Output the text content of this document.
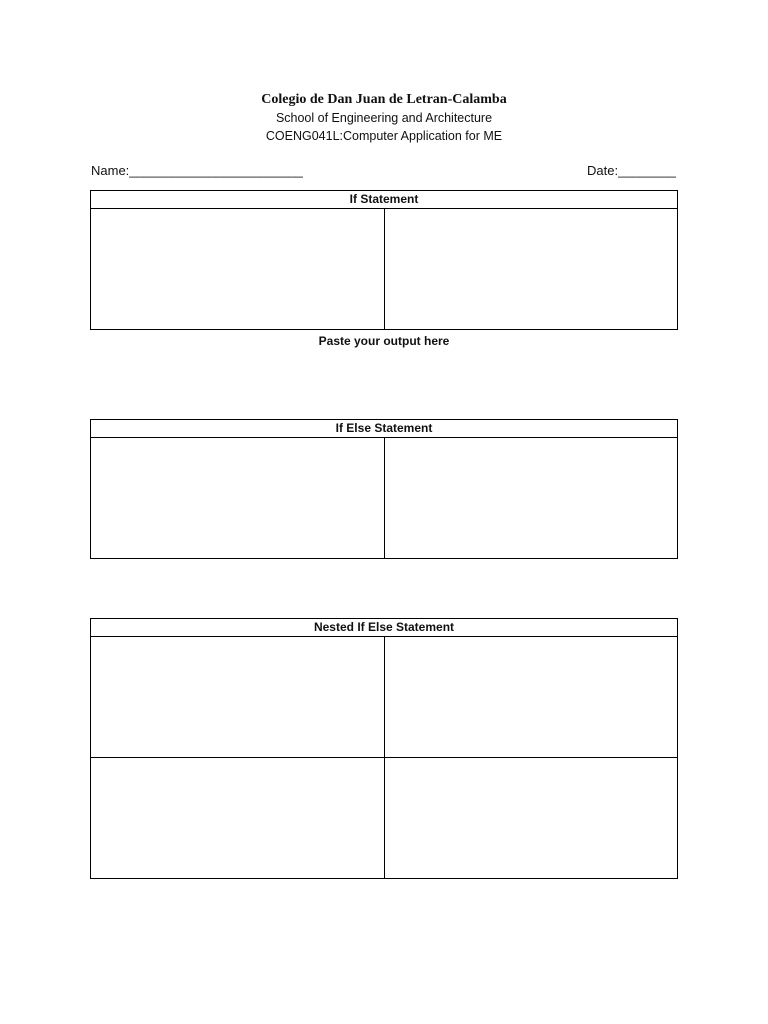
Colegio de Dan Juan de Letran-Calamba
School of Engineering and Architecture
COENG041L:Computer Application for ME
Name:________________________	Date:________
If Statement

Paste your output here
If Else Statement

Nested If Else Statement	
